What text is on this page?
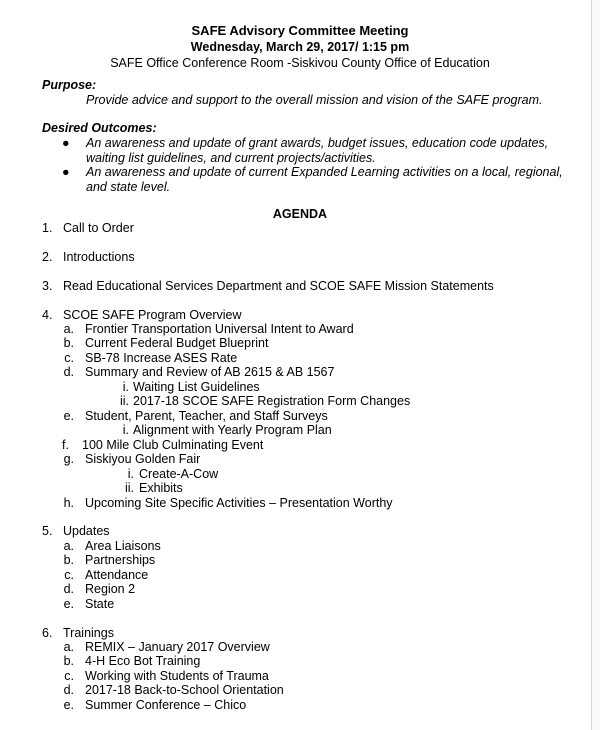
SAFE Advisory Committee Meeting
Wednesday, March 29, 2017/ 1:15 pm
SAFE Office Conference Room -Siskivou County Office of Education
Purpose:
Provide advice and support to the overall mission and vision of the SAFE program.
Desired Outcomes:
● An awareness and update of grant awards, budget issues, education code updates, waiting list guidelines, and current projects/activities.
● An awareness and update of current Expanded Learning activities on a local, regional, and state level.
AGENDA
1. Call to Order
2. Introductions
3. Read Educational Services Department and SCOE SAFE Mission Statements
4. SCOE SAFE Program Overview
a. Frontier Transportation Universal Intent to Award
b. Current Federal Budget Blueprint
c. SB-78 Increase ASES Rate
d. Summary and Review of AB 2615 & AB 1567
i. Waiting List Guidelines
ii. 2017-18 SCOE SAFE Registration Form Changes
e. Student, Parent, Teacher, and Staff Surveys
i. Alignment with Yearly Program Plan
f. 100 Mile Club Culminating Event
g. Siskiyou Golden Fair
i. Create-A-Cow
ii. Exhibits
h. Upcoming Site Specific Activities – Presentation Worthy
5. Updates
a. Area Liaisons
b. Partnerships
c. Attendance
d. Region 2
e. State
6. Trainings
a. REMIX – January 2017 Overview
b. 4-H Eco Bot Training
c. Working with Students of Trauma
d. 2017-18 Back-to-School Orientation
e. Summer Conference – Chico
